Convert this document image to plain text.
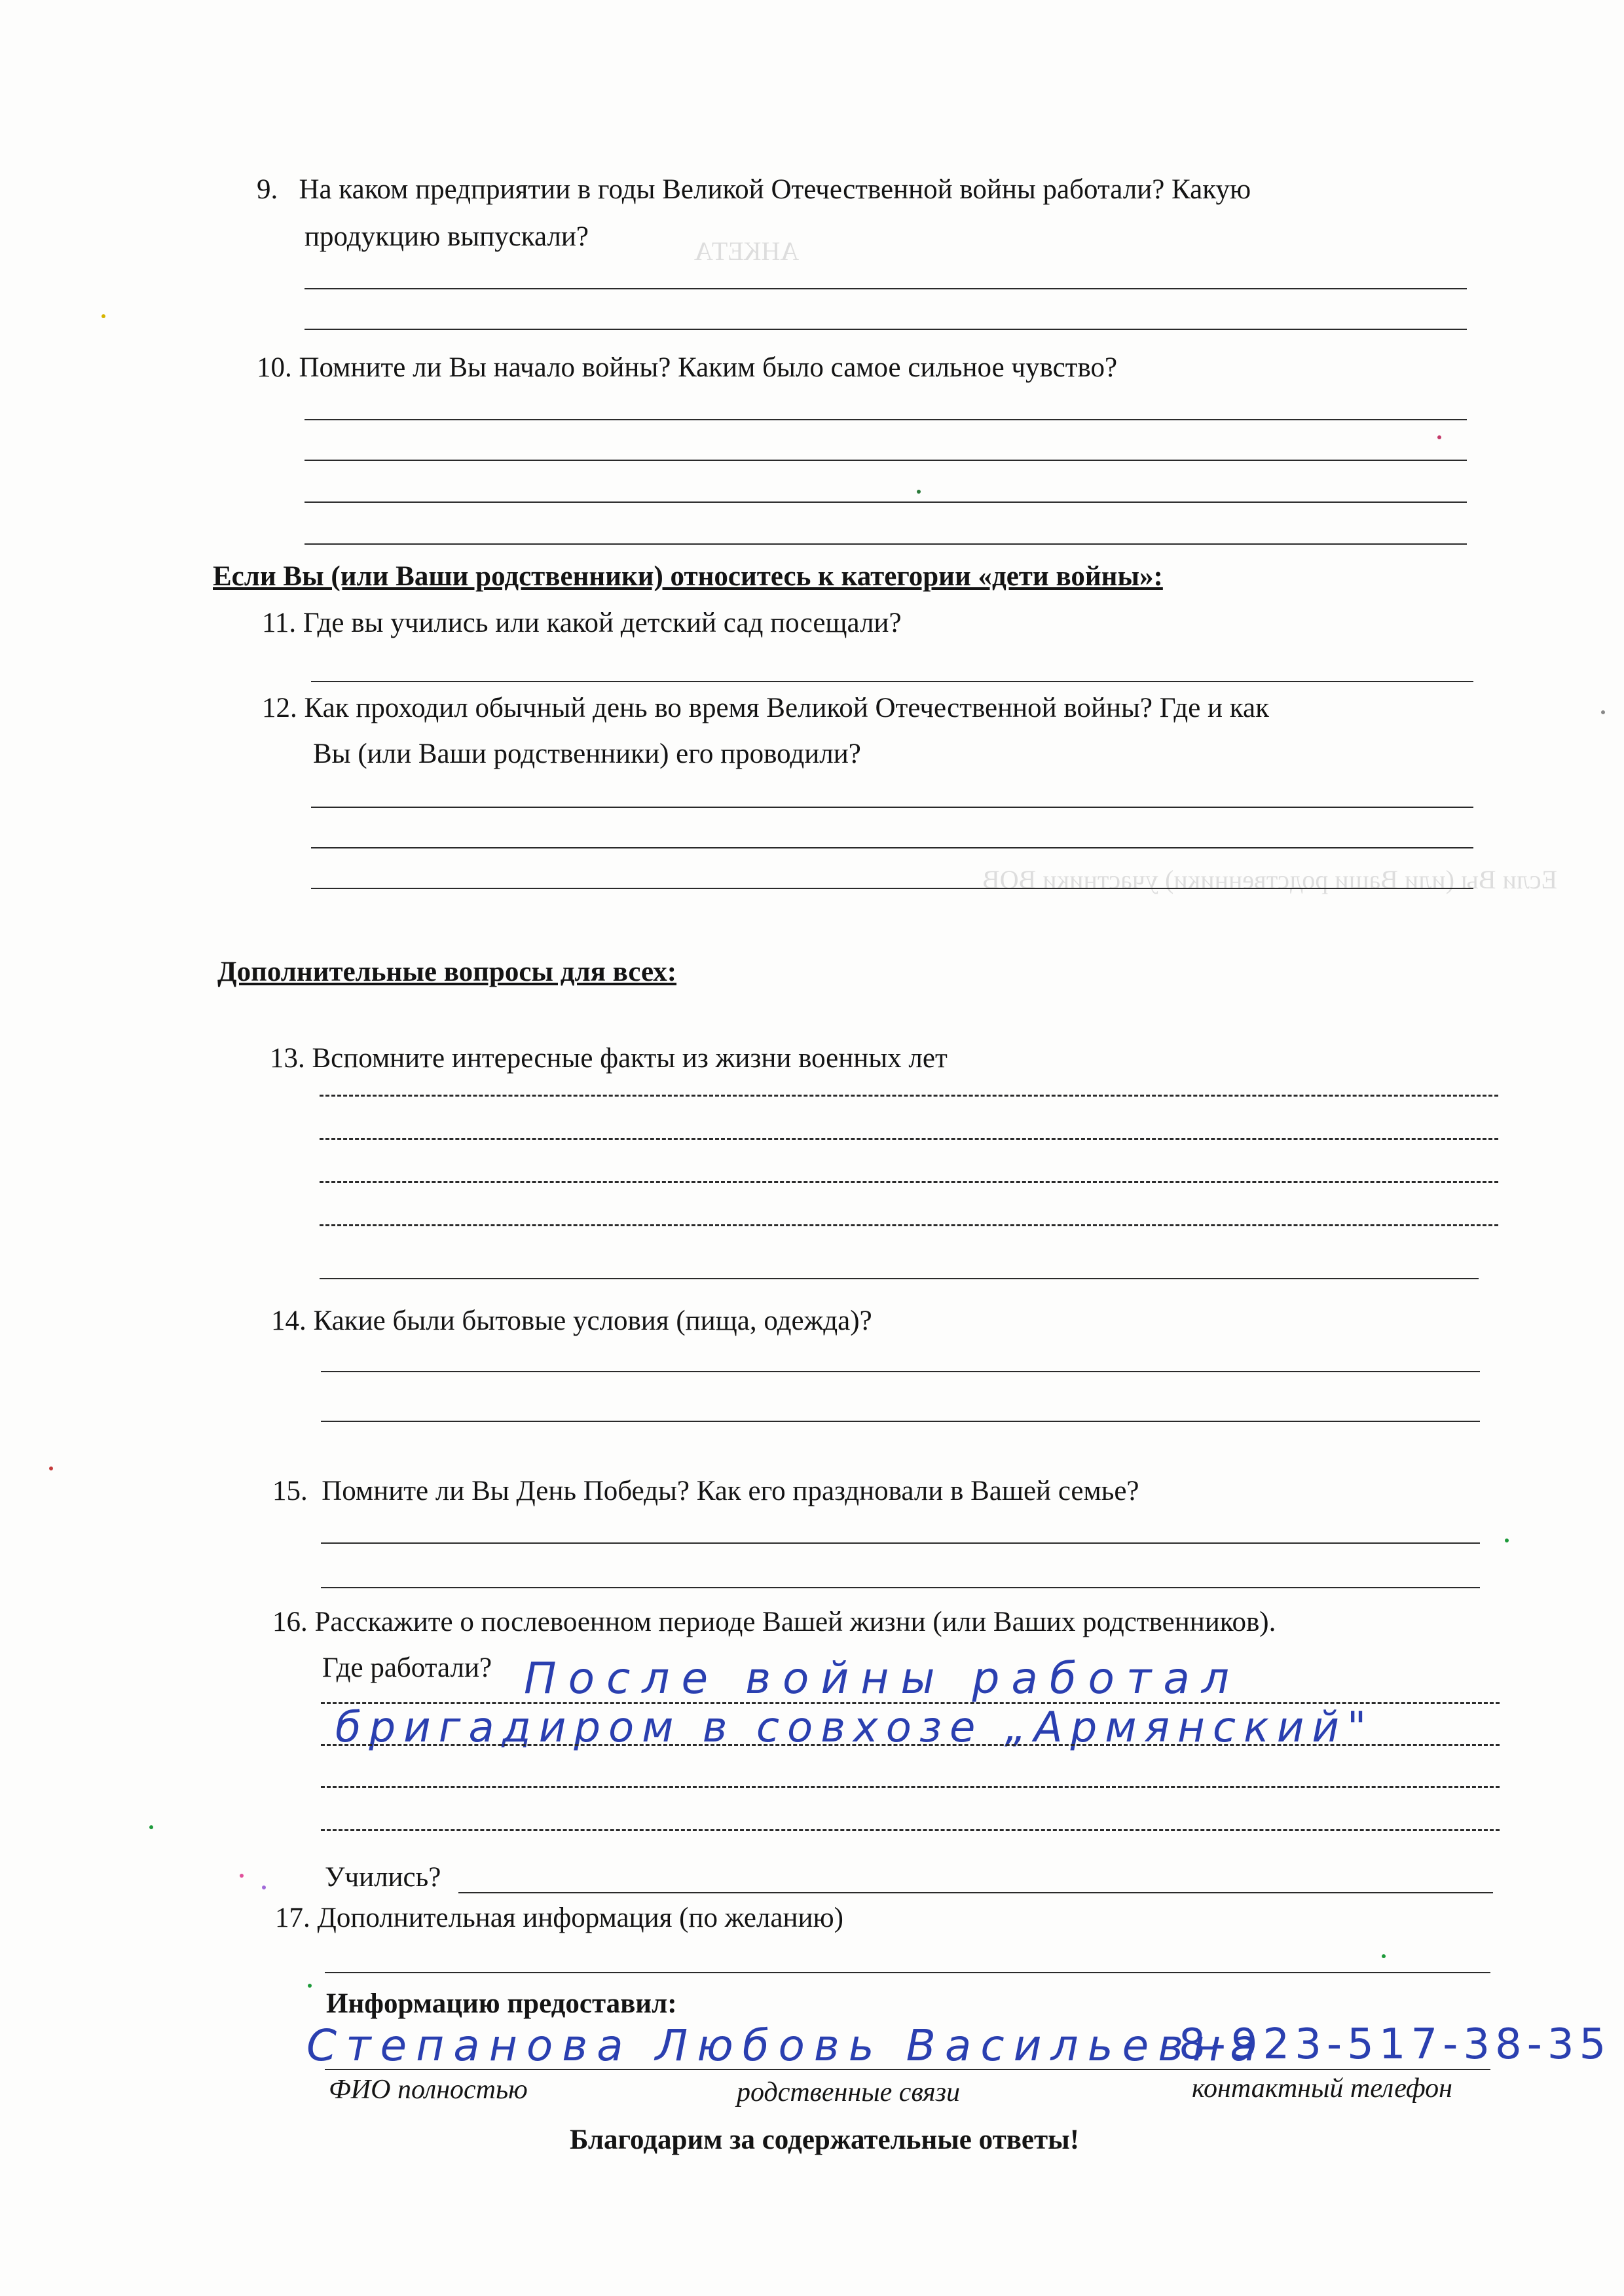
АНКЕТА
Если Вы (или Ваши родственники) участники ВОВ
9. На каком предприятии в годы Великой Отечественной войны работали? Какую
продукцию выпускали?
10. Помните ли Вы начало войны? Каким было самое сильное чувство?
Если Вы (или Ваши родственники) относитесь к категории «дети войны»:
11. Где вы учились или какой детский сад посещали?
12. Как проходил обычный день во время Великой Отечественной войны? Где и как
Вы (или Ваши родственники) его проводили?
Дополнительные вопросы для всех:
13. Вспомните интересные факты из жизни военных лет
14. Какие были бытовые условия (пища, одежда)?
15. Помните ли Вы День Победы? Как его праздновали в Вашей семье?
16. Расскажите о послевоенном периоде Вашей жизни (или Ваших родственников).
Где работали? После войны работал
бригадиром в совхозе „Армянский"
Учились?
17. Дополнительная информация (по желанию)
Информацию предоставил:
Степанова Любовь Васильевна
8-923-517-38-35
ФИО полностью	родственные связи	контактный телефон
Благодарим за содержательные ответы!
